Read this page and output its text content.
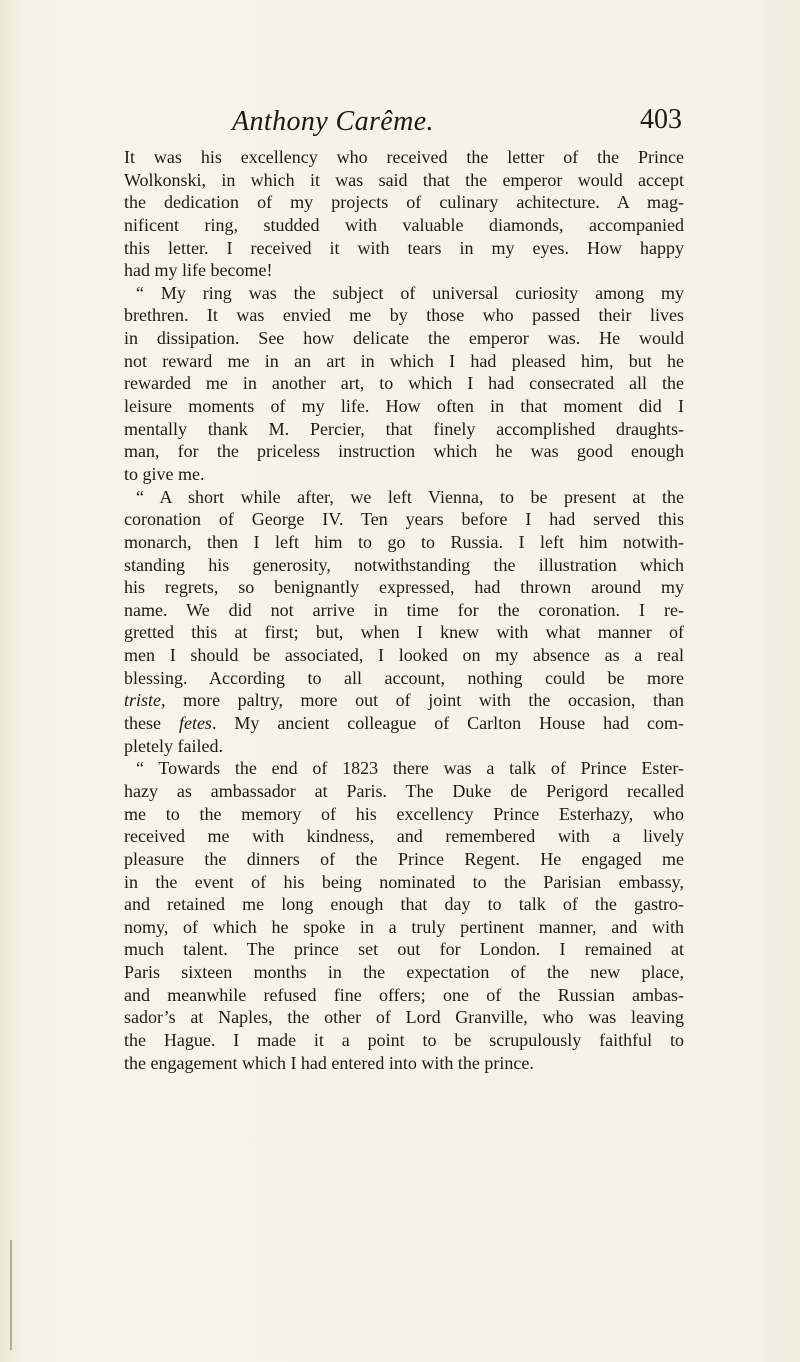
Anthony Carême.	403
It was his excellency who received the letter of the Prince
Wolkonski, in which it was said that the emperor would accept
the dedication of my projects of culinary achitecture. A mag-
nificent ring, studded with valuable diamonds, accompanied
this letter. I received it with tears in my eyes. How happy
had my life become!
“ My ring was the subject of universal curiosity among my
brethren. It was envied me by those who passed their lives
in dissipation. See how delicate the emperor was. He would
not reward me in an art in which I had pleased him, but he
rewarded me in another art, to which I had consecrated all the
leisure moments of my life. How often in that moment did I
mentally thank M. Percier, that finely accomplished draughts-
man, for the priceless instruction which he was good enough
to give me.
“ A short while after, we left Vienna, to be present at the
coronation of George IV. Ten years before I had served this
monarch, then I left him to go to Russia. I left him notwith-
standing his generosity, notwithstanding the illustration which
his regrets, so benignantly expressed, had thrown around my
name. We did not arrive in time for the coronation. I re-
gretted this at first; but, when I knew with what manner of
men I should be associated, I looked on my absence as a real
blessing. According to all account, nothing could be more
triste, more paltry, more out of joint with the occasion, than
these fetes. My ancient colleague of Carlton House had com-
pletely failed.
“ Towards the end of 1823 there was a talk of Prince Ester-
hazy as ambassador at Paris. The Duke de Perigord recalled
me to the memory of his excellency Prince Esterhazy, who
received me with kindness, and remembered with a lively
pleasure the dinners of the Prince Regent. He engaged me
in the event of his being nominated to the Parisian embassy,
and retained me long enough that day to talk of the gastro-
nomy, of which he spoke in a truly pertinent manner, and with
much talent. The prince set out for London. I remained at
Paris sixteen months in the expectation of the new place,
and meanwhile refused fine offers; one of the Russian ambas-
sador’s at Naples, the other of Lord Granville, who was leaving
the Hague. I made it a point to be scrupulously faithful to
the engagement which I had entered into with the prince.
